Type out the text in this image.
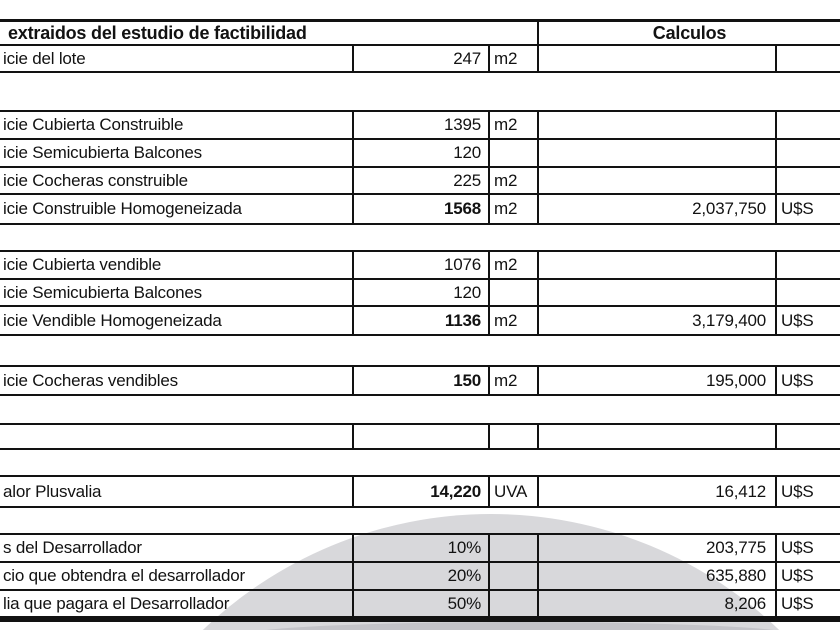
extraidos del estudio de factibilidad	Calculos
icie del lote	247 m2
icie Cubierta Construible	1395 m2
icie Semicubierta Balcones	120
icie Cocheras construible	225 m2
icie Construible Homogeneizada	1568 m2	2,037,750 U$S
icie Cubierta vendible	1076 m2
icie Semicubierta Balcones	120
icie Vendible Homogeneizada	1136 m2	3,179,400 U$S
icie Cocheras vendibles	150 m2	195,000 U$S
alor Plusvalia	14,220 UVA	16,412 U$S
s del Desarrollador	10%	203,775 U$S
cio que obtendra el desarrollador	20%	635,880 U$S
lia que pagara el Desarrollador	50%	8,206 U$S
